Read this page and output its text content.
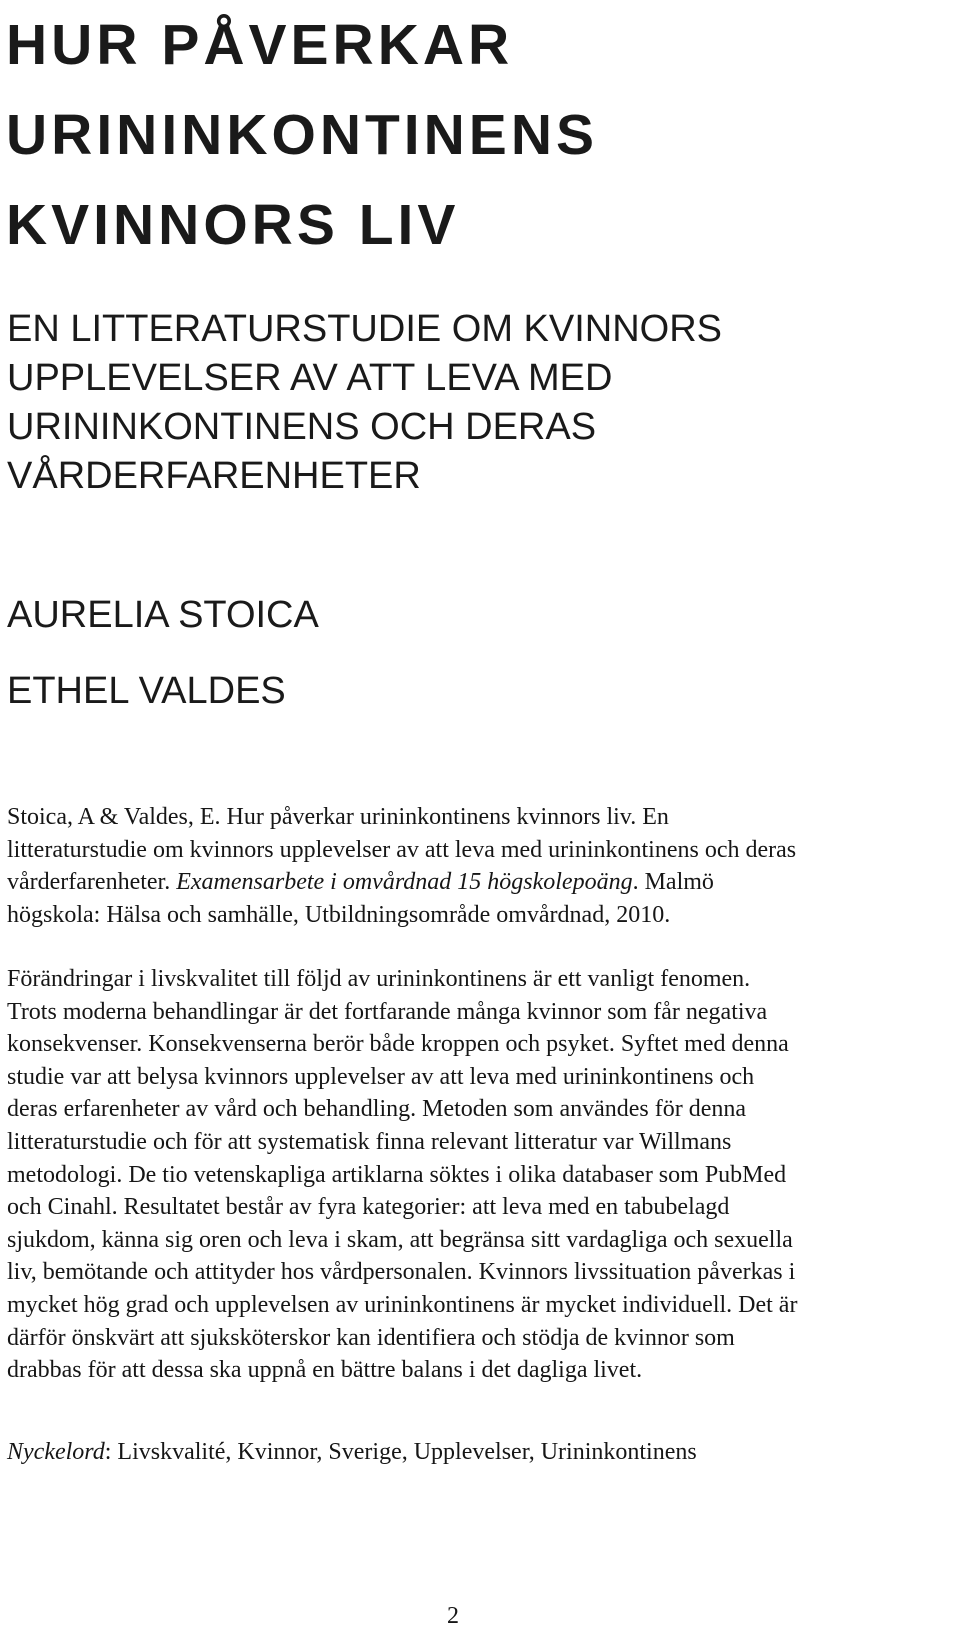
HUR PÅVERKAR
URININKONTINENS
KVINNORS LIV
EN LITTERATURSTUDIE OM KVINNORS
UPPLEVELSER AV ATT LEVA MED
URININKONTINENS OCH DERAS
VÅRDERFARENHETER

AURELIA STOICA

ETHEL VALDES

Stoica, A & Valdes, E. Hur påverkar urininkontinens kvinnors liv. En
litteraturstudie om kvinnors upplevelser av att leva med urininkontinens och deras
vårderfarenheter. Examensarbete i omvårdnad 15 högskolepoäng. Malmö
högskola: Hälsa och samhälle, Utbildningsområde omvårdnad, 2010.

Förändringar i livskvalitet till följd av urininkontinens är ett vanligt fenomen.
Trots moderna behandlingar är det fortfarande många kvinnor som får negativa
konsekvenser. Konsekvenserna berör både kroppen och psyket. Syftet med denna
studie var att belysa kvinnors upplevelser av att leva med urininkontinens och
deras erfarenheter av vård och behandling. Metoden som användes för denna
litteraturstudie och för att systematisk finna relevant litteratur var Willmans
metodologi. De tio vetenskapliga artiklarna söktes i olika databaser som PubMed
och Cinahl. Resultatet består av fyra kategorier: att leva med en tabubelagd
sjukdom, känna sig oren och leva i skam, att begränsa sitt vardagliga och sexuella
liv, bemötande och attityder hos vårdpersonalen. Kvinnors livssituation påverkas i
mycket hög grad och upplevelsen av urininkontinens är mycket individuell. Det är
därför önskvärt att sjuksköterskor kan identifiera och stödja de kvinnor som
drabbas för att dessa ska uppnå en bättre balans i det dagliga livet.

Nyckelord: Livskvalité, Kvinnor, Sverige, Upplevelser, Urininkontinens

2
